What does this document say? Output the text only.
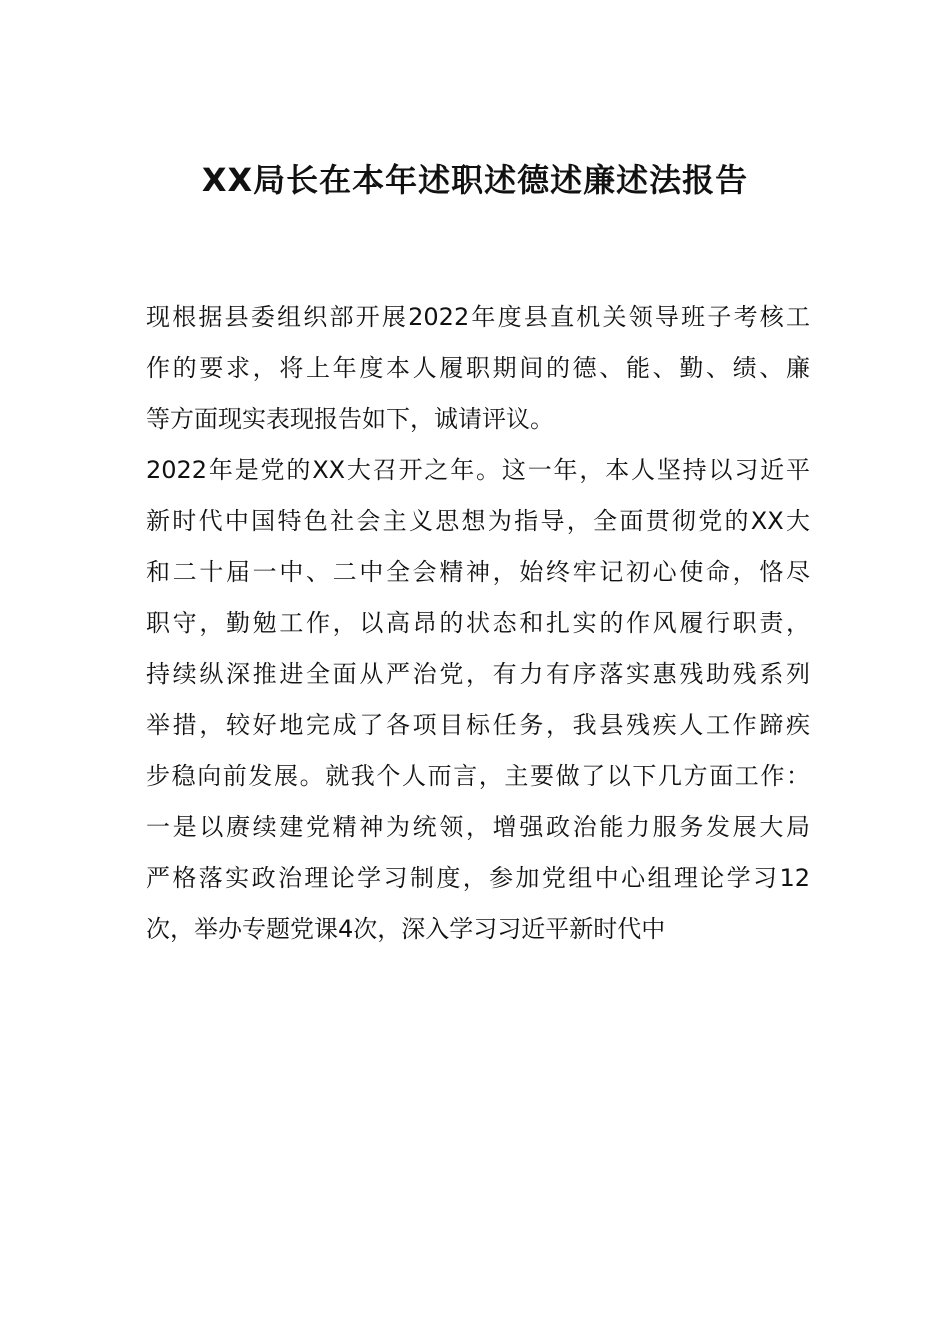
XX局长在本年述职述德述廉述法报告
现根据县委组织部开展2022年度县直机关领导班子考核工
作的要求，将上年度本人履职期间的德、能、勤、绩、廉
等方面现实表现报告如下，诚请评议。
2022年是党的XX大召开之年。这一年，本人坚持以习近平
新时代中国特色社会主义思想为指导，全面贯彻党的XX大
和二十届一中、二中全会精神，始终牢记初心使命，恪尽
职守，勤勉工作，以高昂的状态和扎实的作风履行职责，
持续纵深推进全面从严治党，有力有序落实惠残助残系列
举措，较好地完成了各项目标任务，我县残疾人工作蹄疾
步稳向前发展。就我个人而言，主要做了以下几方面工作：
一是以赓续建党精神为统领，增强政治能力服务发展大局
严格落实政治理论学习制度，参加党组中心组理论学习12
次，举办专题党课4次，深入学习习近平新时代中
